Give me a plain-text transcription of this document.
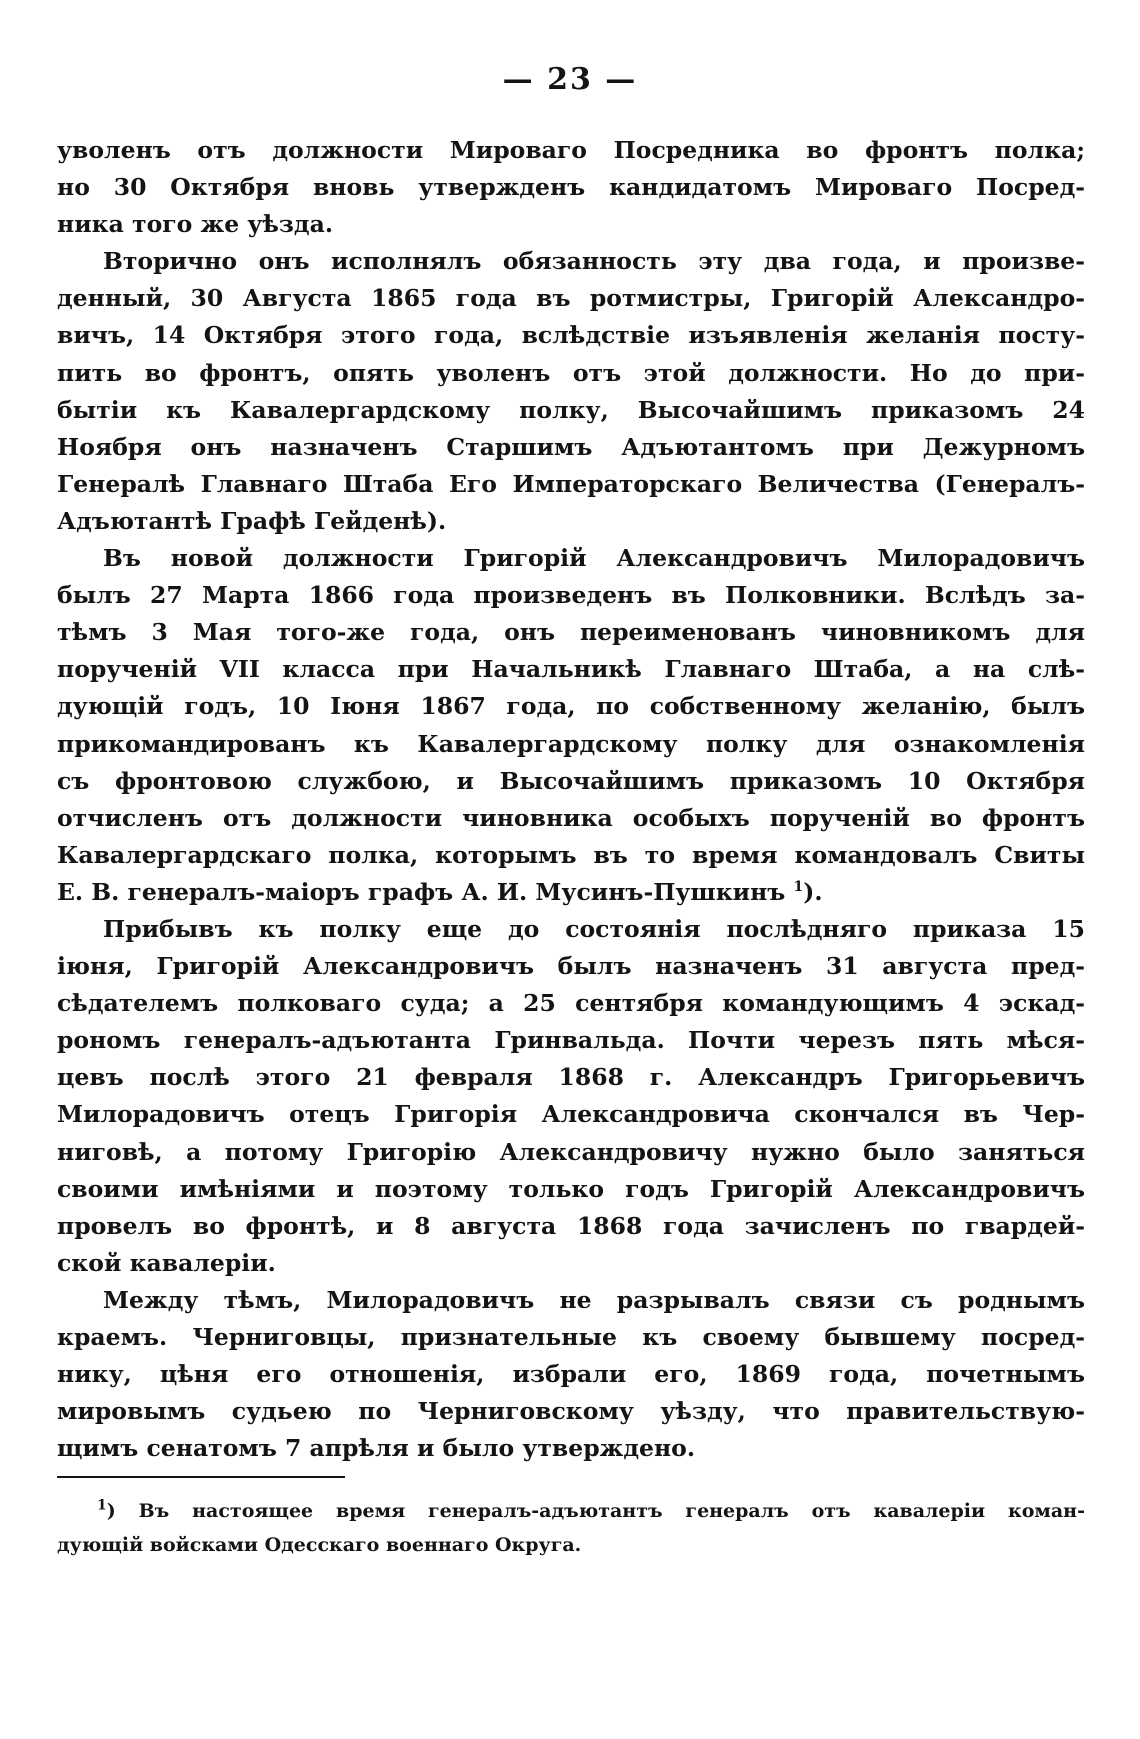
— 23 —
уволенъ отъ должности Мироваго Посредника во фронтъ полка;
но 30 Октября вновь утвержденъ кандидатомъ Мироваго Посред-
ника того же уѣзда.
Вторично онъ исполнялъ обязанность эту два года, и произве-
денный, 30 Августа 1865 года въ ротмистры, Григорій Александро-
вичъ, 14 Октября этого года, вслѣдствіе изъявленія желанія посту-
пить во фронтъ, опять уволенъ отъ этой должности. Но до при-
бытіи къ Кавалергардскому полку, Высочайшимъ приказомъ 24
Ноября онъ назначенъ Старшимъ Адъютантомъ при Дежурномъ
Генералѣ Главнаго Штаба Его Императорскаго Величества (Генералъ-
Адъютантѣ Графѣ Гейденѣ).
Въ новой должности Григорій Александровичъ Милорадовичъ
былъ 27 Марта 1866 года произведенъ въ Полковники. Вслѣдъ за-
тѣмъ 3 Мая того-же года, онъ переименованъ чиновникомъ для
порученій VII класса при Начальникѣ Главнаго Штаба, а на слѣ-
дующій годъ, 10 Іюня 1867 года, по собственному желанію, былъ
прикомандированъ къ Кавалергардскому полку для ознакомленія
съ фронтовою службою, и Высочайшимъ приказомъ 10 Октября
отчисленъ отъ должности чиновника особыхъ порученій во фронтъ
Кавалергардскаго полка, которымъ въ то время командовалъ Свиты
Е. В. генералъ-маіоръ графъ А. И. Мусинъ-Пушкинъ $^1$).
Прибывъ къ полку еще до состоянія послѣдняго приказа 15
іюня, Григорій Александровичъ былъ назначенъ 31 августа пред-
сѣдателемъ полковаго суда; а 25 сентября командующимъ 4 эскад-
рономъ генералъ-адъютанта Гринвальда. Почти черезъ пять мѣся-
цевъ послѣ этого 21 февраля 1868 г. Александръ Григорьевичъ
Милорадовичъ отецъ Григорія Александровича скончался въ Чер-
ниговѣ, а потому Григорію Александровичу нужно было заняться
своими имѣніями и поэтому только годъ Григорій Александровичъ
провелъ во фронтѣ, и 8 августа 1868 года зачисленъ по гвардей-
ской кавалеріи.
Между тѣмъ, Милорадовичъ не разрывалъ связи съ роднымъ
краемъ. Черниговцы, признательные къ своему бывшему посред-
нику, цѣня его отношенія, избрали его, 1869 года, почетнымъ
мировымъ судьею по Черниговскому уѣзду, что правительствую-
щимъ сенатомъ 7 апрѣля и было утверждено.
$^1$) Въ настоящее время генералъ-адъютантъ генералъ отъ кавалеріи коман-
дующій войсками Одесскаго военнаго Округа.
